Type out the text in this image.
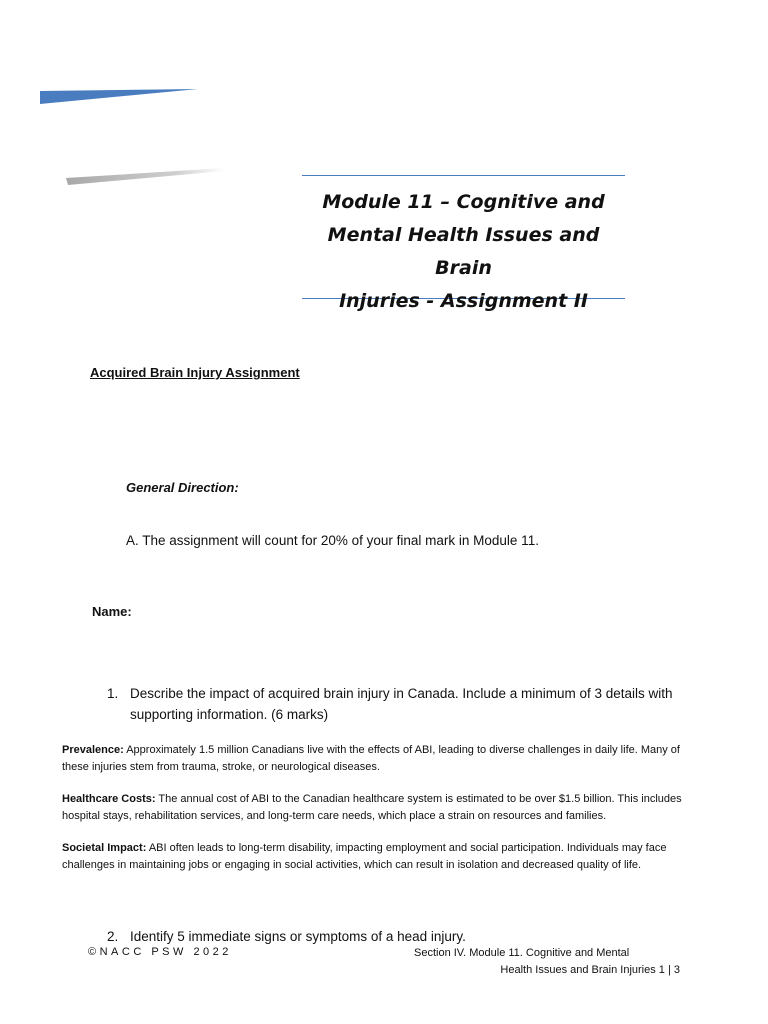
Module 11 – Cognitive and
Mental Health Issues and Brain
Injuries - Assignment II
Acquired Brain Injury Assignment
General Direction:
A. The assignment will count for 20% of your final mark in Module 11.
Name:
1. Describe the impact of acquired brain injury in Canada. Include a minimum of 3 details with supporting information. (6 marks)
Prevalence: Approximately 1.5 million Canadians live with the effects of ABI, leading to diverse challenges in daily life. Many of these injuries stem from trauma, stroke, or neurological diseases.
Healthcare Costs: The annual cost of ABI to the Canadian healthcare system is estimated to be over $1.5 billion. This includes hospital stays, rehabilitation services, and long-term care needs, which place a strain on resources and families.
Societal Impact: ABI often leads to long-term disability, impacting employment and social participation. Individuals may face challenges in maintaining jobs or engaging in social activities, which can result in isolation and decreased quality of life.
2. Identify 5 immediate signs or symptoms of a head injury.
©NACC PSW 2022	Section IV. Module 11. Cognitive and Mental
Health Issues and Brain Injuries 1 | 3
